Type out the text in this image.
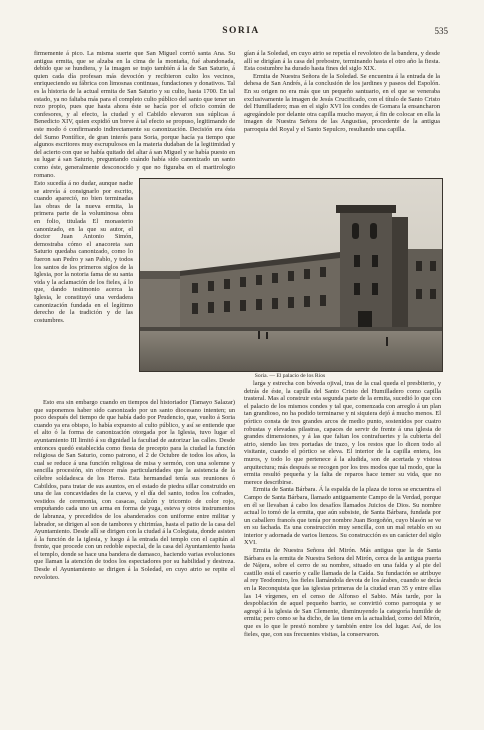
SORIA	535

firmemente á pico. La misma suerte que San Miguel corrió santa Ana. Su antigua ermita, que se alzaba en la cima de la montaña, fué abandonada, debido que se hundiera, y la imagen se trajo también á la de San Saturio, á quien cada día profesan más devoción y recibieron culto los vecinos, enriqueciendo su fábrica con limosnas continuas, fundaciones y donativos. Tal es la historia de la actual ermita de San Saturio y su culto, hasta 1700. En tal estado, ya no faltaba más para el completo culto público del santo que tener un rezo propio, pues que hasta ahora éste se hacía por el oficio común de confesores, y al efecto, la ciudad y el Cabildo elevaron sus súplicas á Benedicto XIV, quien expidió un breve á tal efecto se propuso, legitimando de este modo ó confirmando indirectamente su canonización. Decisión era ésta del Sumo Pontífice, de gran interés para Soria, porque hacía ya tiempo que algunos escritores muy escrupulosos en la materia dudaban de la legitimidad y del acierto con que se había quitado del altar á san Miguel y se había puesto en su lugar á san Saturio, preguntando cuándo había sido canonizado un santo como éste, generalmente desconocido y que no figuraba en el martirologio romano.

Esto sucedía á no dudar, aunque nadie se atrevía á consignarlo por escrito, cuando apareció, no bien terminadas las obras de la nueva ermita, la primera parte de la voluminosa obra en folio, titulada El monasterio canonizado, en la que su autor, el doctor Juan Antonio Simón, demostraba cómo el anacoreta san Saturio quedaba canonizado, como lo fueron san Pedro y san Pablo, y todos los santos de los primeros siglos de la Iglesia, por la notoria fama de su santa vida y la aclamación de los fieles, á lo que, dando testimonio acerca la Iglesia, le constituyó una verdadera canonización fundada en el legítimo derecho de la tradición y de las costumbres.

gían á la Soledad, en cuyo atrio se repetía el revoloteo de la bandera, y desde allí se dirigían á la casa del prebostre, terminando hasta el otro año la fiesta. Esta costumbre ha durado hasta fines del siglo XIX.

Ermita de Nuestra Señora de la Soledad. Se encuentra á la entrada de la dehesa de San Andrés, á la conclusión de los jardines y paseos del Espolón. En su origen no era más que un pequeño santuario, en el que se veneraba exclusivamente la imagen de Jesús Crucificado, con el título de Santo Cristo del Humilladero; mas en el siglo XVI los condes de Gomara la ensancharon agregándole por delante otra capilla mucho mayor, á fin de colocar en ella la imagen de Nuestra Señora de las Angustias, procedente de la antigua parroquia del Royal y el Santo Sepulcro, resultando una capilla.

Soria. — El palacio de los Ríos

Esto era sin embargo cuando en tiempos del historiador (Tamayo Salazar) que suponemos haber sido canonizado por un santo diocesano intenten; un poco después del tiempo de que había dado por Prudencio, que, vuelto á Soria cuando ya era obispo, lo había expuesto al culto público, y así se entiende que el alto ó la forma de canonización otorgada por la Iglesia, tuvo lugar el ayuntamiento III limitó á su dignidad la facultad de autorizar las calles. Desde entonces quedó establecida como fiesta de precepto para la ciudad la función religiosa de San Saturio, como patrono, el 2 de Octubre de todos los años, la cual se reduce á una función religiosa de misa y sermón, con una solemne y sencilla procesión, sin ofrecer más particularidades que la asistencia de la célebre soldadesca de los Heros. Esta hermandad tenía sus reuniones ó Cabildos, para tratar de sus asuntos, en el estado de piedra sillar construido en una de las concavidades de la cueva, y el día del santo, todos los cofrades, vestidos de ceremonia, con casacas, calzón y tricornio de color rojo, empuñando cada uno un arma en forma de yuga, esteva y otros instrumentos de labranza, y precedidos de los abanderados con uniforme entre militar y labrador, se dirigen al son de tambores y chirimías, hasta el patio de la casa del Ayuntamiento. Desde allí se dirigen con la ciudad á la Colegiata, donde asisten á la función de la iglesia, y luego á la entrada del templo con el capitán al frente, que procede con un redoble especial, de la casa del Ayuntamiento hasta el templo, donde se hace una bandera de damasco, haciendo varias evoluciones que llaman la atención de todos los espectadores por su habilidad y destreza. Desde el Ayuntamiento se dirigen á la Soledad, en cuyo atrio se repite el revoloteo.

larga y estrecha con bóveda ojival, tras de la cual queda el presbiterio, y detrás de éste, la capilla del Santo Cristo del Humilladero como capilla trasteral. Mas al construir esta segunda parte de la ermita, sucedió lo que con el palacio de los mismos condes y tal que, comenzada con arreglo á un plan tan grandioso, no ha podido terminarse y ni siquiera dejó á mucho menos. El pórtico consta de tres grandes arcos de medio punto, sostenidos por cuatro robustas y elevadas pilastras, capaces de servir de frente á una iglesia de grandes dimensiones, y á las que faltan los contrafuertes y la cubierta del atrio, siendo las tres portadas de trazo, y los restos que lo dicen todo al visitante, cuando el pórtico se eleva. El interior de la capilla entera, los muros, y todo lo que pertenece á la aludida, son de acertada y vistosa arquitectura; más después se recogen por los tres modos que tal modo, que la ermita resultó pequeña y la falta de reparos hace temer su vida, que no merece describirse.

Ermita de Santa Bárbara. Á la espalda de la plaza de toros se encuentra el Campo de Santa Bárbara, llamado antiguamente Campo de la Verdad, porque en él se llevaban á cabo los desafíos llamados Juicios de Dios. Su nombre actual lo tomó de la ermita, que aún subsiste, de Santa Bárbara, fundada por un caballero francés que tenía por nombre Juan Borgoñón, cuyo blasón se ve en su fachada. Es una construcción muy sencilla, con un mal retablo en su interior y adornada de varios lienzos. Su construcción es un carácter del siglo XVI.

Ermita de Nuestra Señora del Mirón. Más antigua que la de Santa Bárbara es la ermita de Nuestra Señora del Mirón, cerca de la antigua puerta de Nájera, sobre el cerro de su nombre, situado en una falda y al pie del castillo está el caserío y calle llamada de la Caída. Su fundación se atribuye al rey Teodomiro, los fieles llamándola devota de los árabes, cuando se decía en la Reconquista que las iglesias primeras de la ciudad eran 35 y entre ellas las 14 vírgenes, en el censo de Alfonso el Sabio. Más tarde, por la despoblación de aquel pequeño barrio, se convirtió como parroquia y se agregó á la iglesia de San Clemente, disminuyendo la categoría humilde de ermita; pero como se ha dicho, de las tiene en la actualidad, como del Mirón, que es lo que le prestó nombre y también entre los del lugar. Así, de los fieles, que, con sus frecuentes visitas, la conservaron.
